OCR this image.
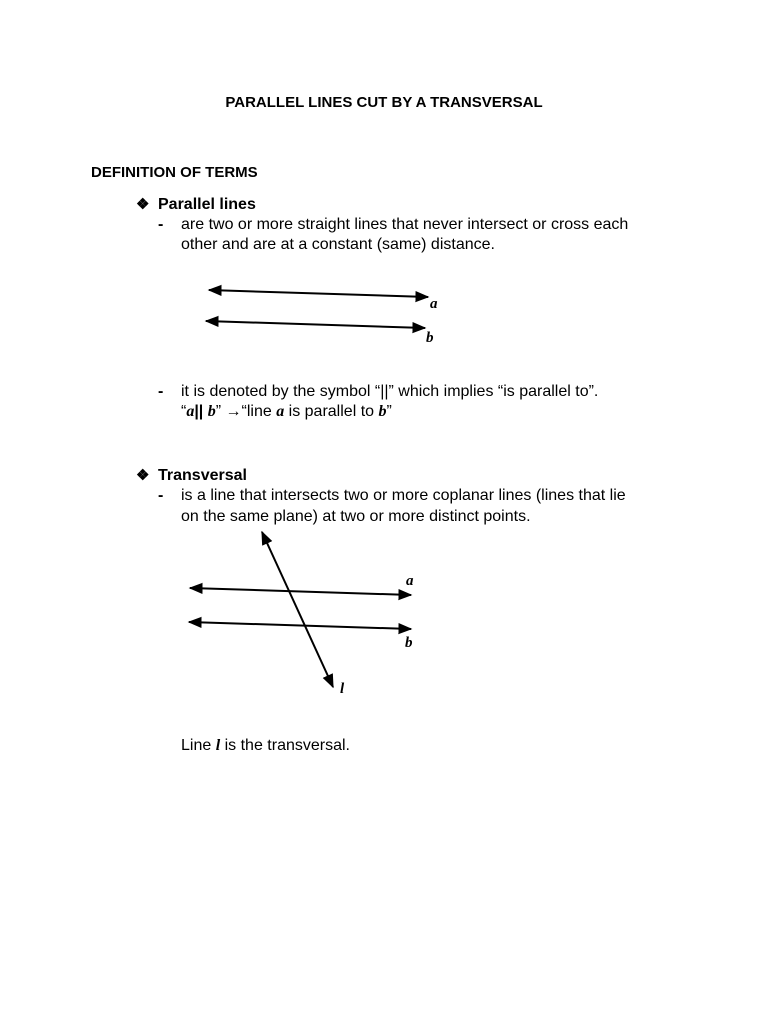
PARALLEL LINES CUT BY A TRANSVERSAL
DEFINITION OF TERMS
❖ Parallel lines
- are two or more straight lines that never intersect or cross each
other and are at a constant (same) distance.
- it is denoted by the symbol “||” which implies “is parallel to”.
“a|| b” →“line a is parallel to b”
❖ Transversal
- is a line that intersects two or more coplanar lines (lines that lie
on the same plane) at two or more distinct points.
Line l is the transversal.
a
b
a
b
l
